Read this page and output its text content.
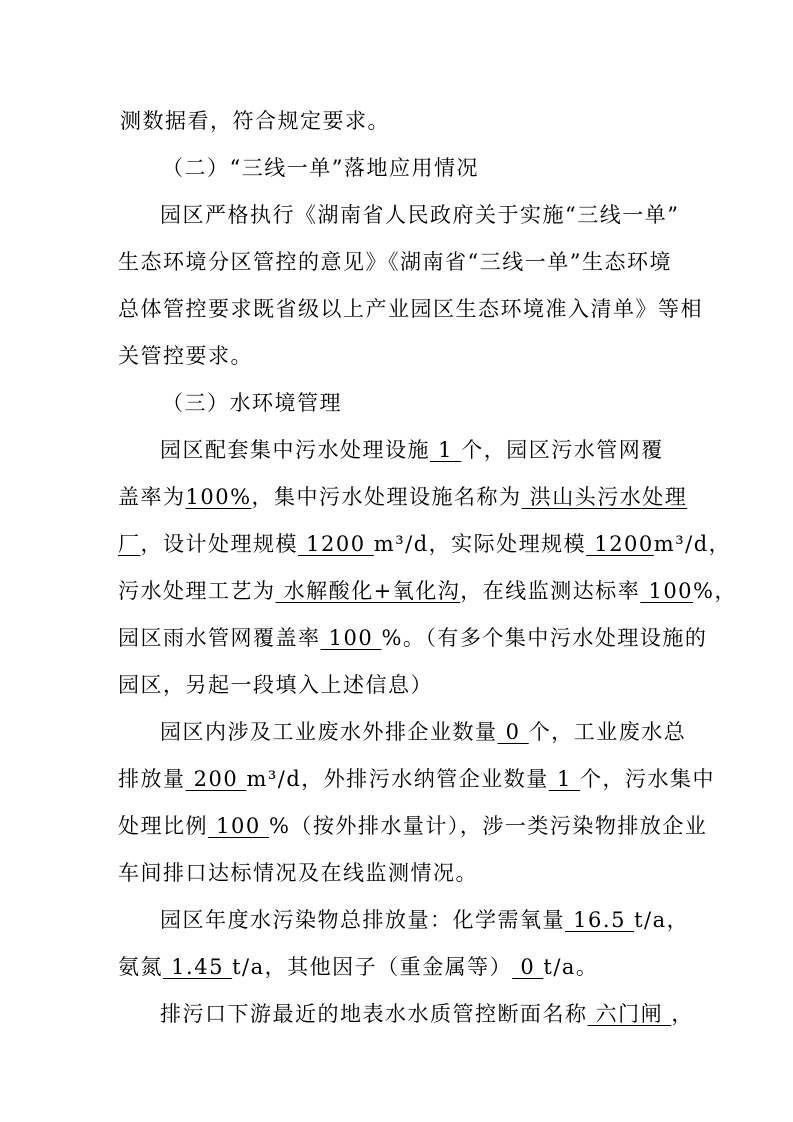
测数据看，符合规定要求。
（二）“三线一单”落地应用情况
园区严格执行《湖南省人民政府关于实施“三线一单”
生态环境分区管控的意见》《湖南省“三线一单”生态环境
总体管控要求既省级以上产业园区生态环境准入清单》等相
关管控要求。
（三）水环境管理
园区配套集中污水处理设施 1 个，园区污水管网覆
盖率为100%，集中污水处理设施名称为 洪山头污水处理
厂，设计处理规模 1200 m³/d，实际处理规模 1200m³/d，
污水处理工艺为 水解酸化+氧化沟，在线监测达标率 100%，
园区雨水管网覆盖率 100 %。（有多个集中污水处理设施的
园区，另起一段填入上述信息）
园区内涉及工业废水外排企业数量 0 个，工业废水总
排放量 200 m³/d，外排污水纳管企业数量 1 个，污水集中
处理比例 100 %（按外排水量计），涉一类污染物排放企业
车间排口达标情况及在线监测情况。
园区年度水污染物总排放量：化学需氧量 16.5 t/a，
氨氮 1.45 t/a，其他因子（重金属等） 0 t/a。
排污口下游最近的地表水水质管控断面名称 六门闸 ，
